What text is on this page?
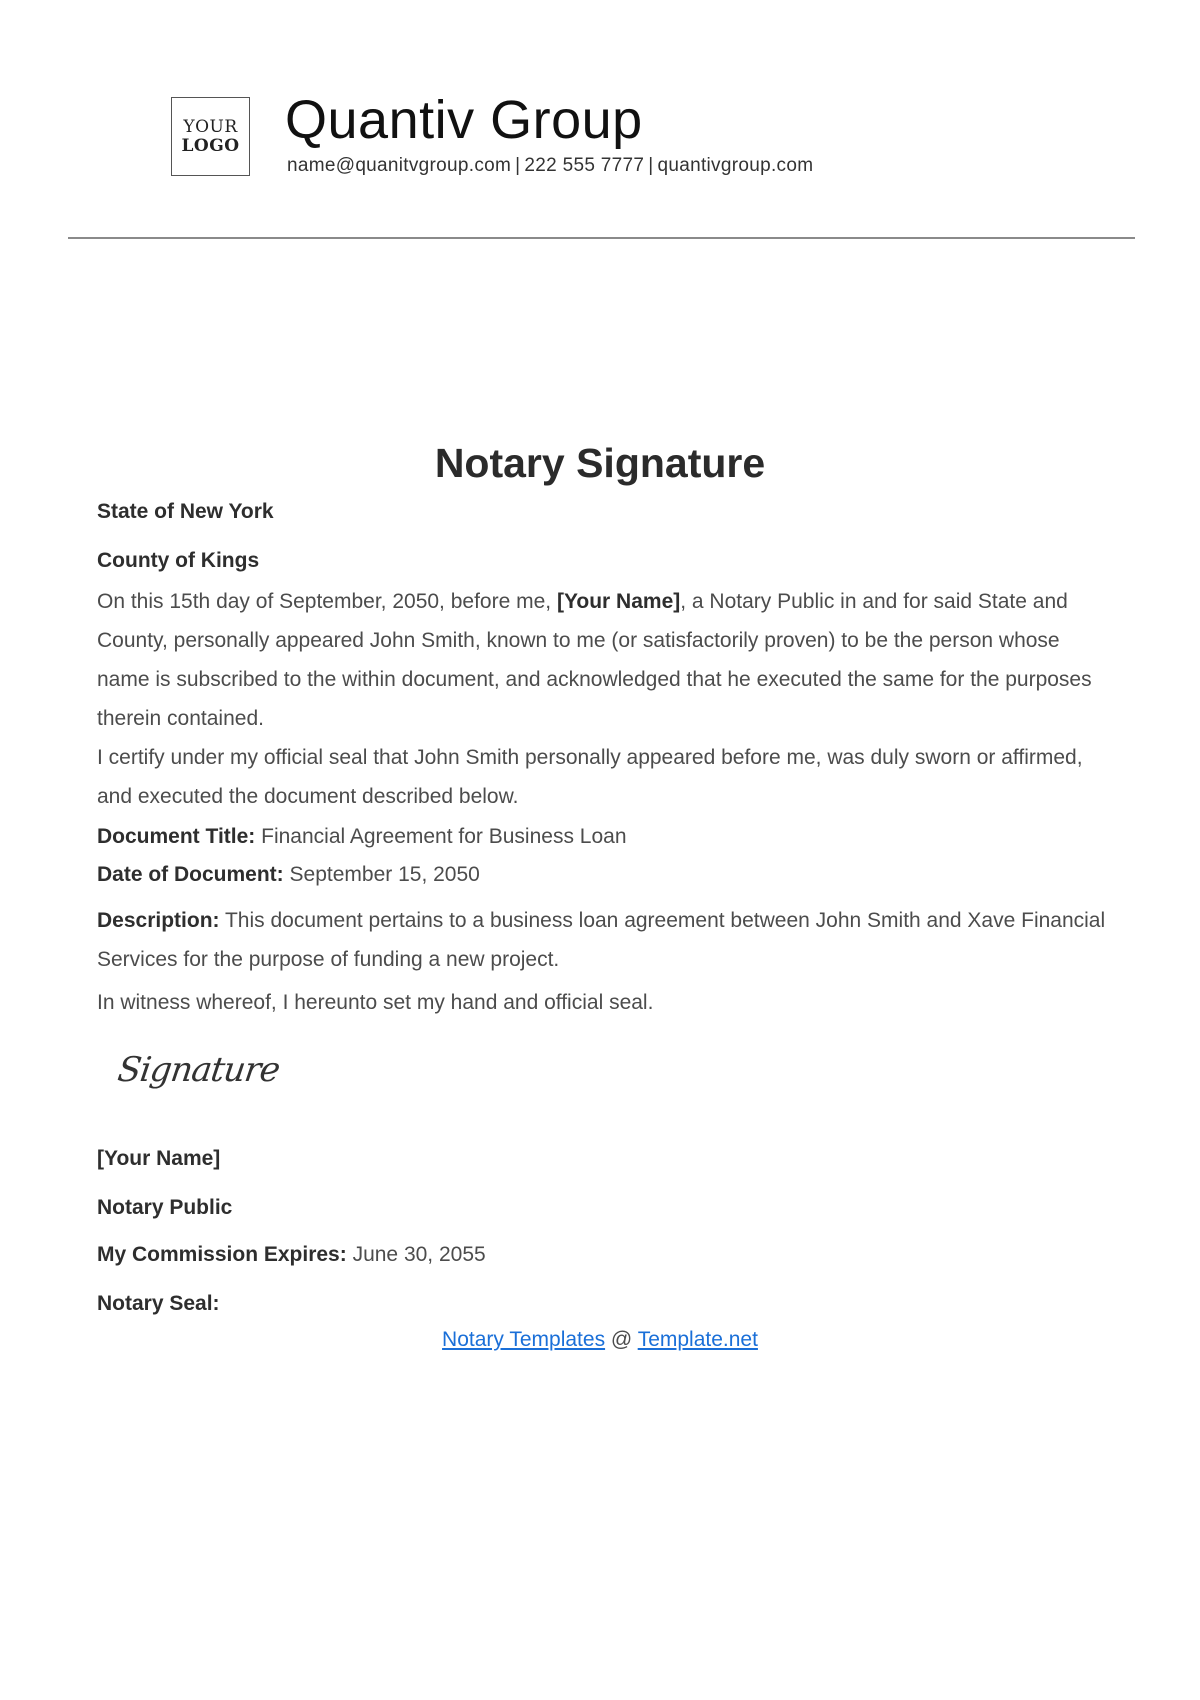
YOUR
LOGO Quantiv Group
name@quanitvgroup.com | 222 555 7777 | quantivgroup.com
Notary Signature
State of New York
County of Kings
On this 15th day of September, 2050, before me, [Your Name], a Notary Public in and for said State and County, personally appeared John Smith, known to me (or satisfactorily proven) to be the person whose name is subscribed to the within document, and acknowledged that he executed the same for the purposes therein contained.
I certify under my official seal that John Smith personally appeared before me, was duly sworn or affirmed, and executed the document described below.
Document Title: Financial Agreement for Business Loan
Date of Document: September 15, 2050
Description: This document pertains to a business loan agreement between John Smith and Xave Financial Services for the purpose of funding a new project.
In witness whereof, I hereunto set my hand and official seal.
Signature
[Your Name]
Notary Public
My Commission Expires: June 30, 2055
Notary Seal:
Notary Templates @ Template.net
